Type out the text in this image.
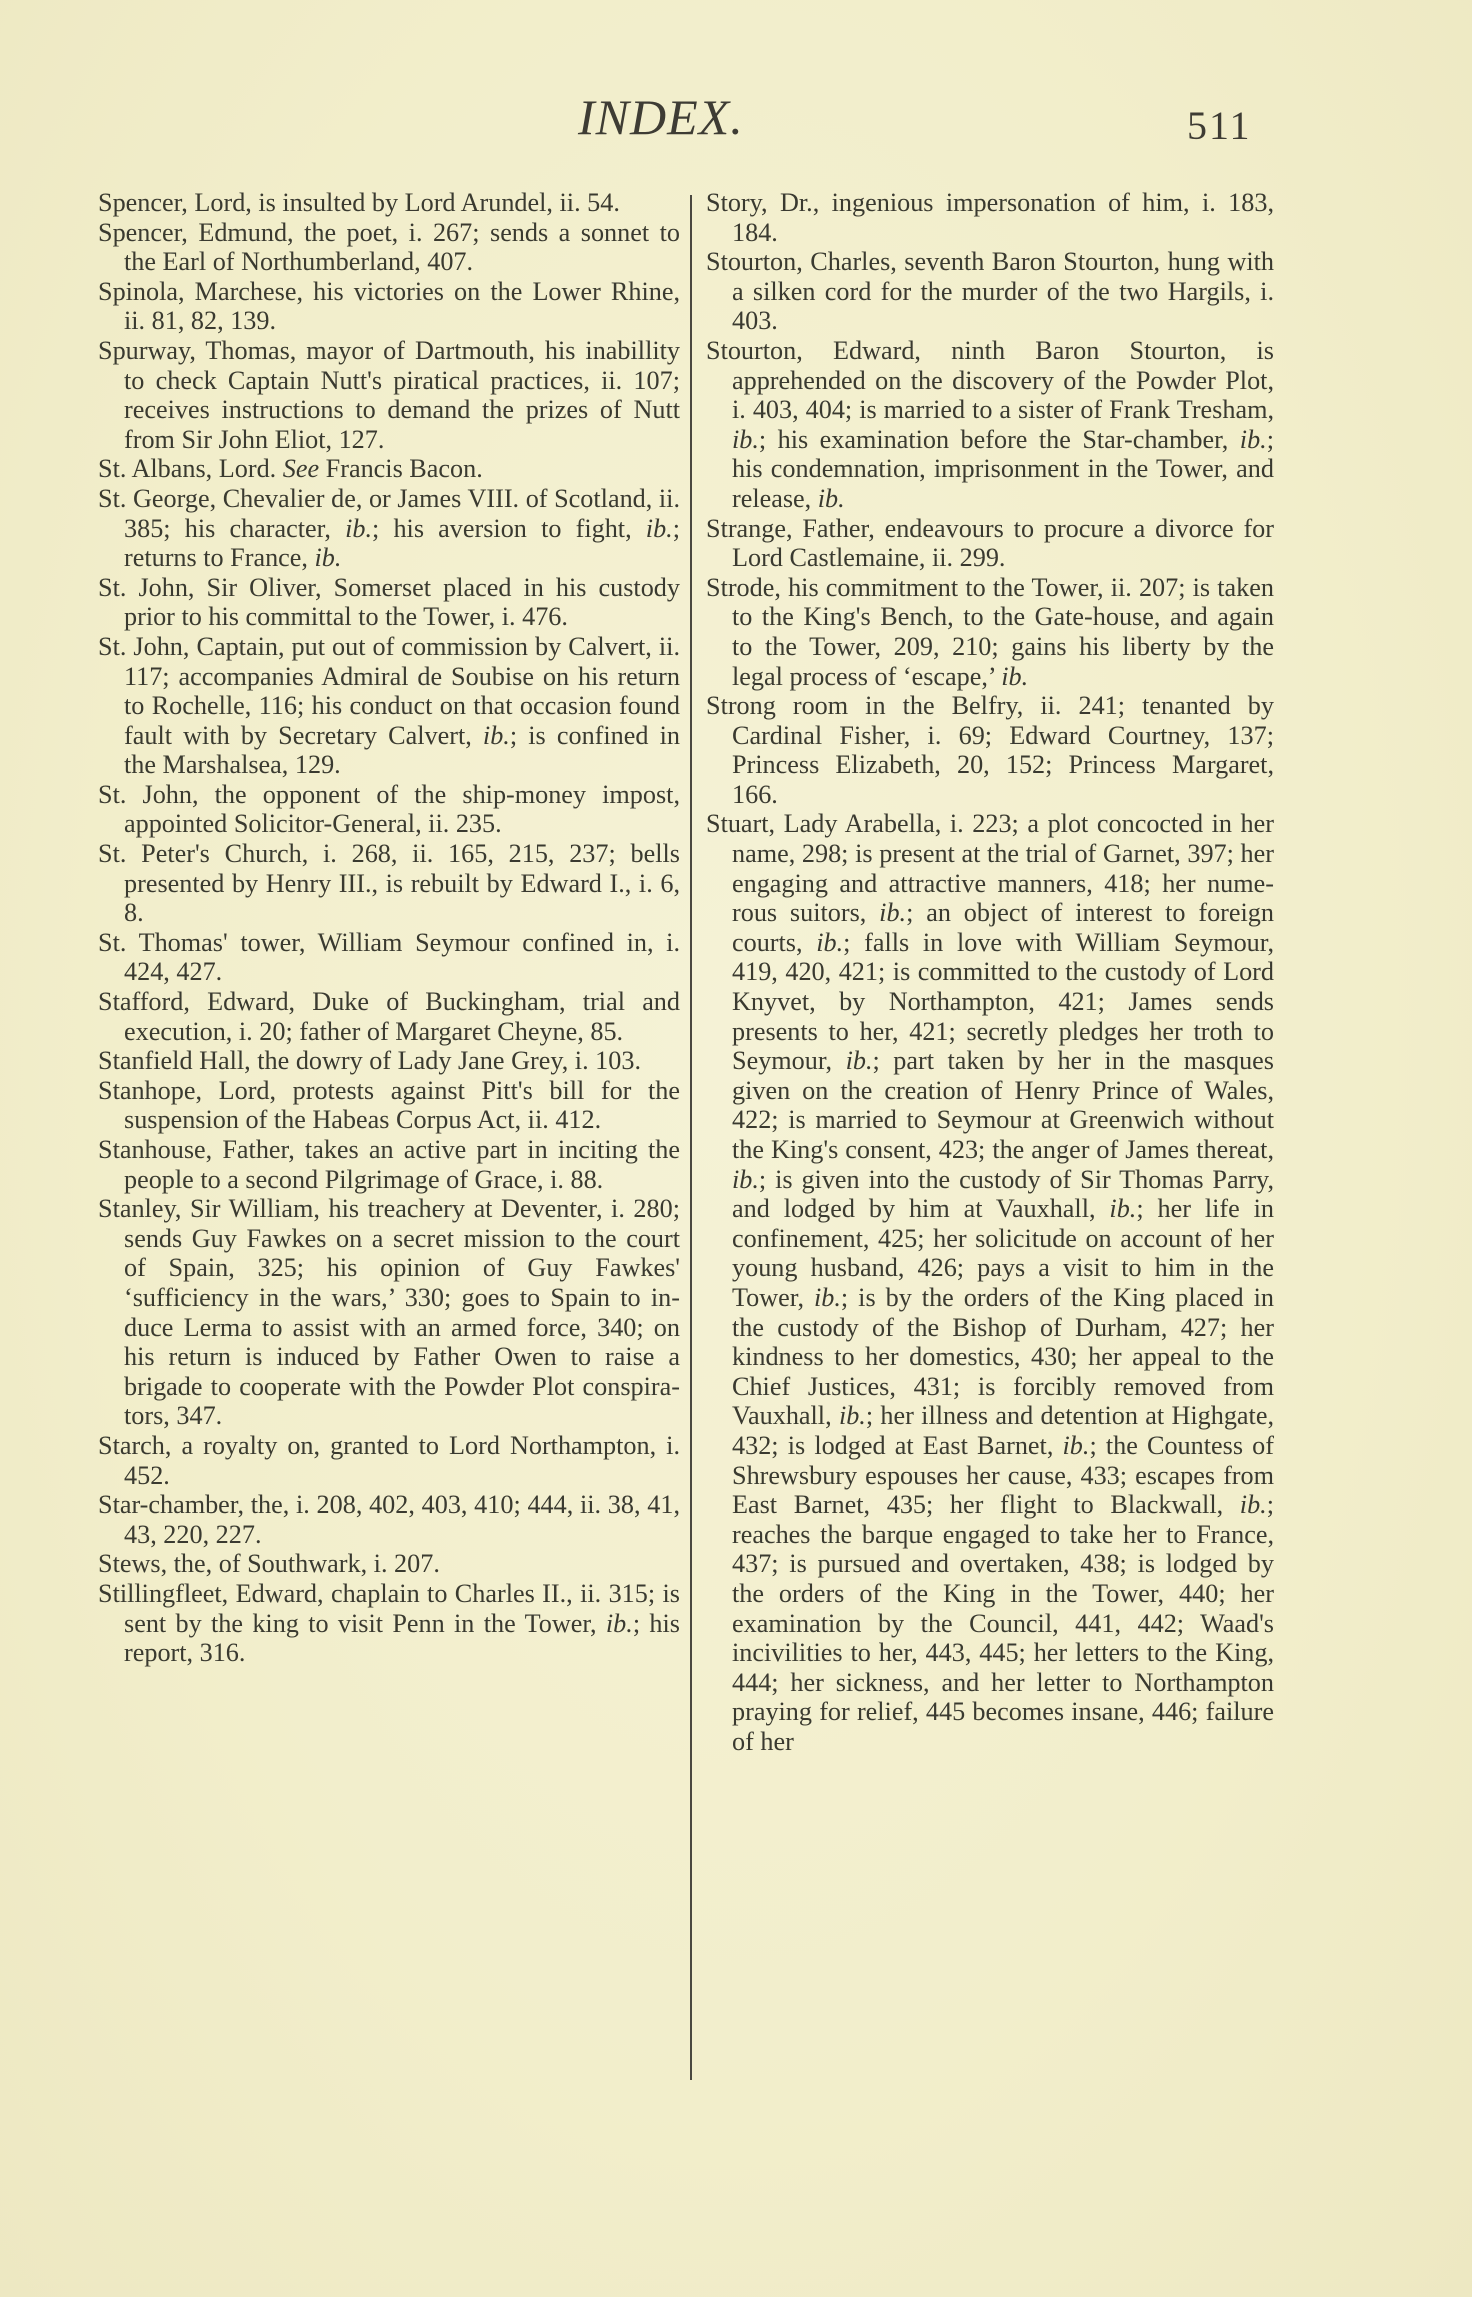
INDEX.	511

Spencer, Lord, is insulted by Lord Arundel, ii. 54.

Spencer, Edmund, the poet, i. 267; sends a sonnet to the Earl of Northumberland, 407.

Spinola, Marchese, his victories on the Lower Rhine, ii. 81, 82, 139.

Spurway, Thomas, mayor of Dartmouth, his inabillity to check Captain Nutt's piratical practices, ii. 107; receives instructions to demand the prizes of Nutt from Sir John Eliot, 127.

St. Albans, Lord. See Francis Bacon.

St. George, Chevalier de, or James VIII. of Scotland, ii. 385; his character, ib.; his aversion to fight, ib.; returns to France, ib.

St. John, Sir Oliver, Somerset placed in his custody prior to his committal to the Tower, i. 476.

St. John, Captain, put out of commission by Calvert, ii. 117; accompanies Admiral de Soubise on his return to Rochelle, 116; his conduct on that occasion found fault with by Secretary Calvert, ib.; is confined in the Marshalsea, 129.

St. John, the opponent of the ship-money impost, appointed Solicitor-General, ii. 235.

St. Peter's Church, i. 268, ii. 165, 215, 237; bells presented by Henry III., is rebuilt by Edward I., i. 6, 8.

St. Thomas' tower, William Seymour confined in, i. 424, 427.

Stafford, Edward, Duke of Buckingham, trial and execution, i. 20; father of Margaret Cheyne, 85.

Stanfield Hall, the dowry of Lady Jane Grey, i. 103.

Stanhope, Lord, protests against Pitt's bill for the suspension of the Habeas Corpus Act, ii. 412.

Stanhouse, Father, takes an active part in inciting the people to a second Pilgrimage of Grace, i. 88.

Stanley, Sir William, his treachery at Deventer, i. 280; sends Guy Fawkes on a secret mission to the court of Spain, 325; his opinion of Guy Fawkes' ‘sufficiency in the wars,’ 330; goes to Spain to induce Lerma to assist with an armed force, 340; on his return is induced by Father Owen to raise a brigade to cooperate with the Powder Plot conspirators, 347.

Starch, a royalty on, granted to Lord Northampton, i. 452.

Star-chamber, the, i. 208, 402, 403, 410; 444, ii. 38, 41, 43, 220, 227.

Stews, the, of Southwark, i. 207.

Stillingfleet, Edward, chaplain to Charles II., ii. 315; is sent by the king to visit Penn in the Tower, ib.; his report, 316.

Story, Dr., ingenious impersonation of him, i. 183, 184.

Stourton, Charles, seventh Baron Stourton, hung with a silken cord for the murder of the two Hargils, i. 403.

Stourton, Edward, ninth Baron Stourton, is apprehended on the discovery of the Powder Plot, i. 403, 404; is married to a sister of Frank Tresham, ib.; his examination before the Star-chamber, ib.; his condemnation, imprisonment in the Tower, and release, ib.

Strange, Father, endeavours to procure a divorce for Lord Castlemaine, ii. 299.

Strode, his commitment to the Tower, ii. 207; is taken to the King's Bench, to the Gate-house, and again to the Tower, 209, 210; gains his liberty by the legal process of ‘escape,’ ib.

Strong room in the Belfry, ii. 241; tenanted by Cardinal Fisher, i. 69; Edward Courtney, 137; Princess Elizabeth, 20, 152; Princess Margaret, 166.

Stuart, Lady Arabella, i. 223; a plot concocted in her name, 298; is present at the trial of Garnet, 397; her engaging and attractive manners, 418; her numerous suitors, ib.; an object of interest to foreign courts, ib.; falls in love with William Seymour, 419, 420, 421; is committed to the custody of Lord Knyvet, by Northampton, 421; James sends presents to her, 421; secretly pledges her troth to Seymour, ib.; part taken by her in the masques given on the creation of Henry Prince of Wales, 422; is married to Seymour at Greenwich without the King's consent, 423; the anger of James thereat, ib.; is given into the custody of Sir Thomas Parry, and lodged by him at Vauxhall, ib.; her life in confinement, 425; her solicitude on account of her young husband, 426; pays a visit to him in the Tower, ib.; is by the orders of the King placed in the custody of the Bishop of Durham, 427; her kindness to her domestics, 430; her appeal to the Chief Justices, 431; is forcibly removed from Vauxhall, ib.; her illness and detention at Highgate, 432; is lodged at East Barnet, ib.; the Countess of Shrewsbury espouses her cause, 433; escapes from East Barnet, 435; her flight to Blackwall, ib.; reaches the barque engaged to take her to France, 437; is pursued and overtaken, 438; is lodged by the orders of the King in the Tower, 440; her examination by the Council, 441, 442; Waad's incivilities to her, 443, 445; her letters to the King, 444; her sickness, and her letter to Northampton praying for relief, 445 becomes insane, 446; failure of her
